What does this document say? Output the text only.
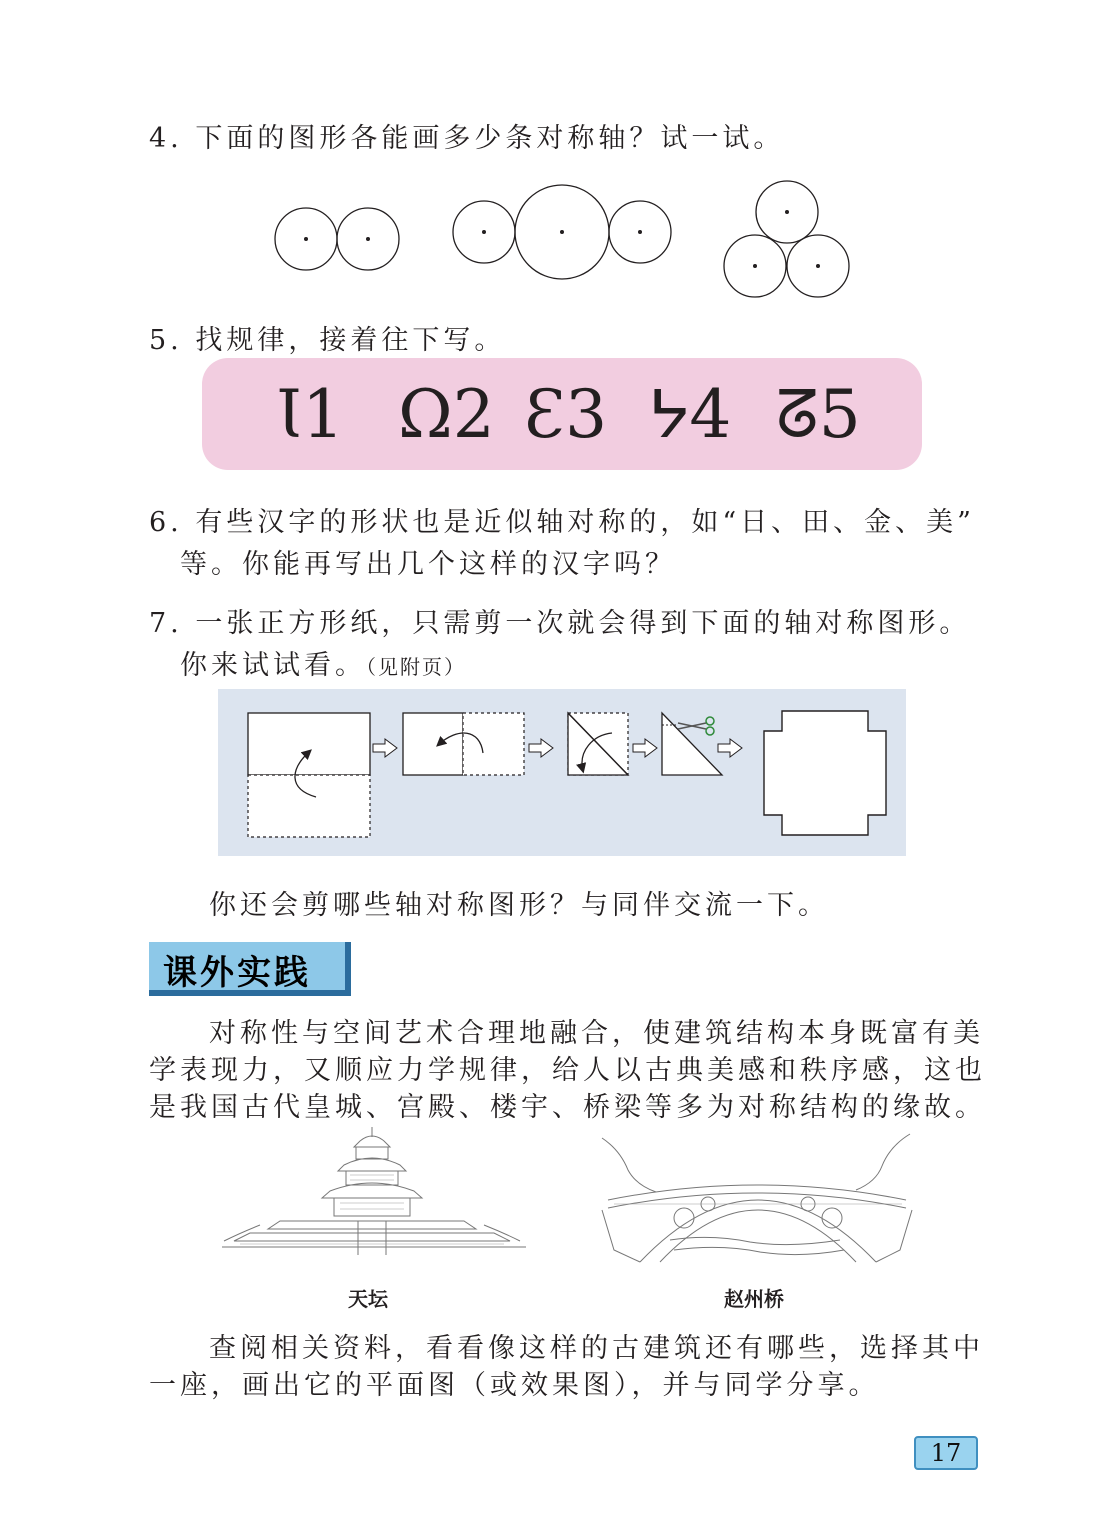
4. 下面的图形各能画多少条对称轴？试一试。
5. 找规律，接着往下写。
Ɩ1 Ω2 Ɛ3 ᔭ4 ᘔ5
6. 有些汉字的形状也是近似轴对称的，如“日、田、金、美”
等。你能再写出几个这样的汉字吗？
7. 一张正方形纸，只需剪一次就会得到下面的轴对称图形。
你来试试看。（见附页）
你还会剪哪些轴对称图形？与同伴交流一下。
课外实践
对称性与空间艺术合理地融合，使建筑结构本身既富有美
学表现力，又顺应力学规律，给人以古典美感和秩序感，这也
是我国古代皇城、宫殿、楼宇、桥梁等多为对称结构的缘故。
天坛	赵州桥
查阅相关资料，看看像这样的古建筑还有哪些，选择其中
一座，画出它的平面图（或效果图），并与同学分享。
17
